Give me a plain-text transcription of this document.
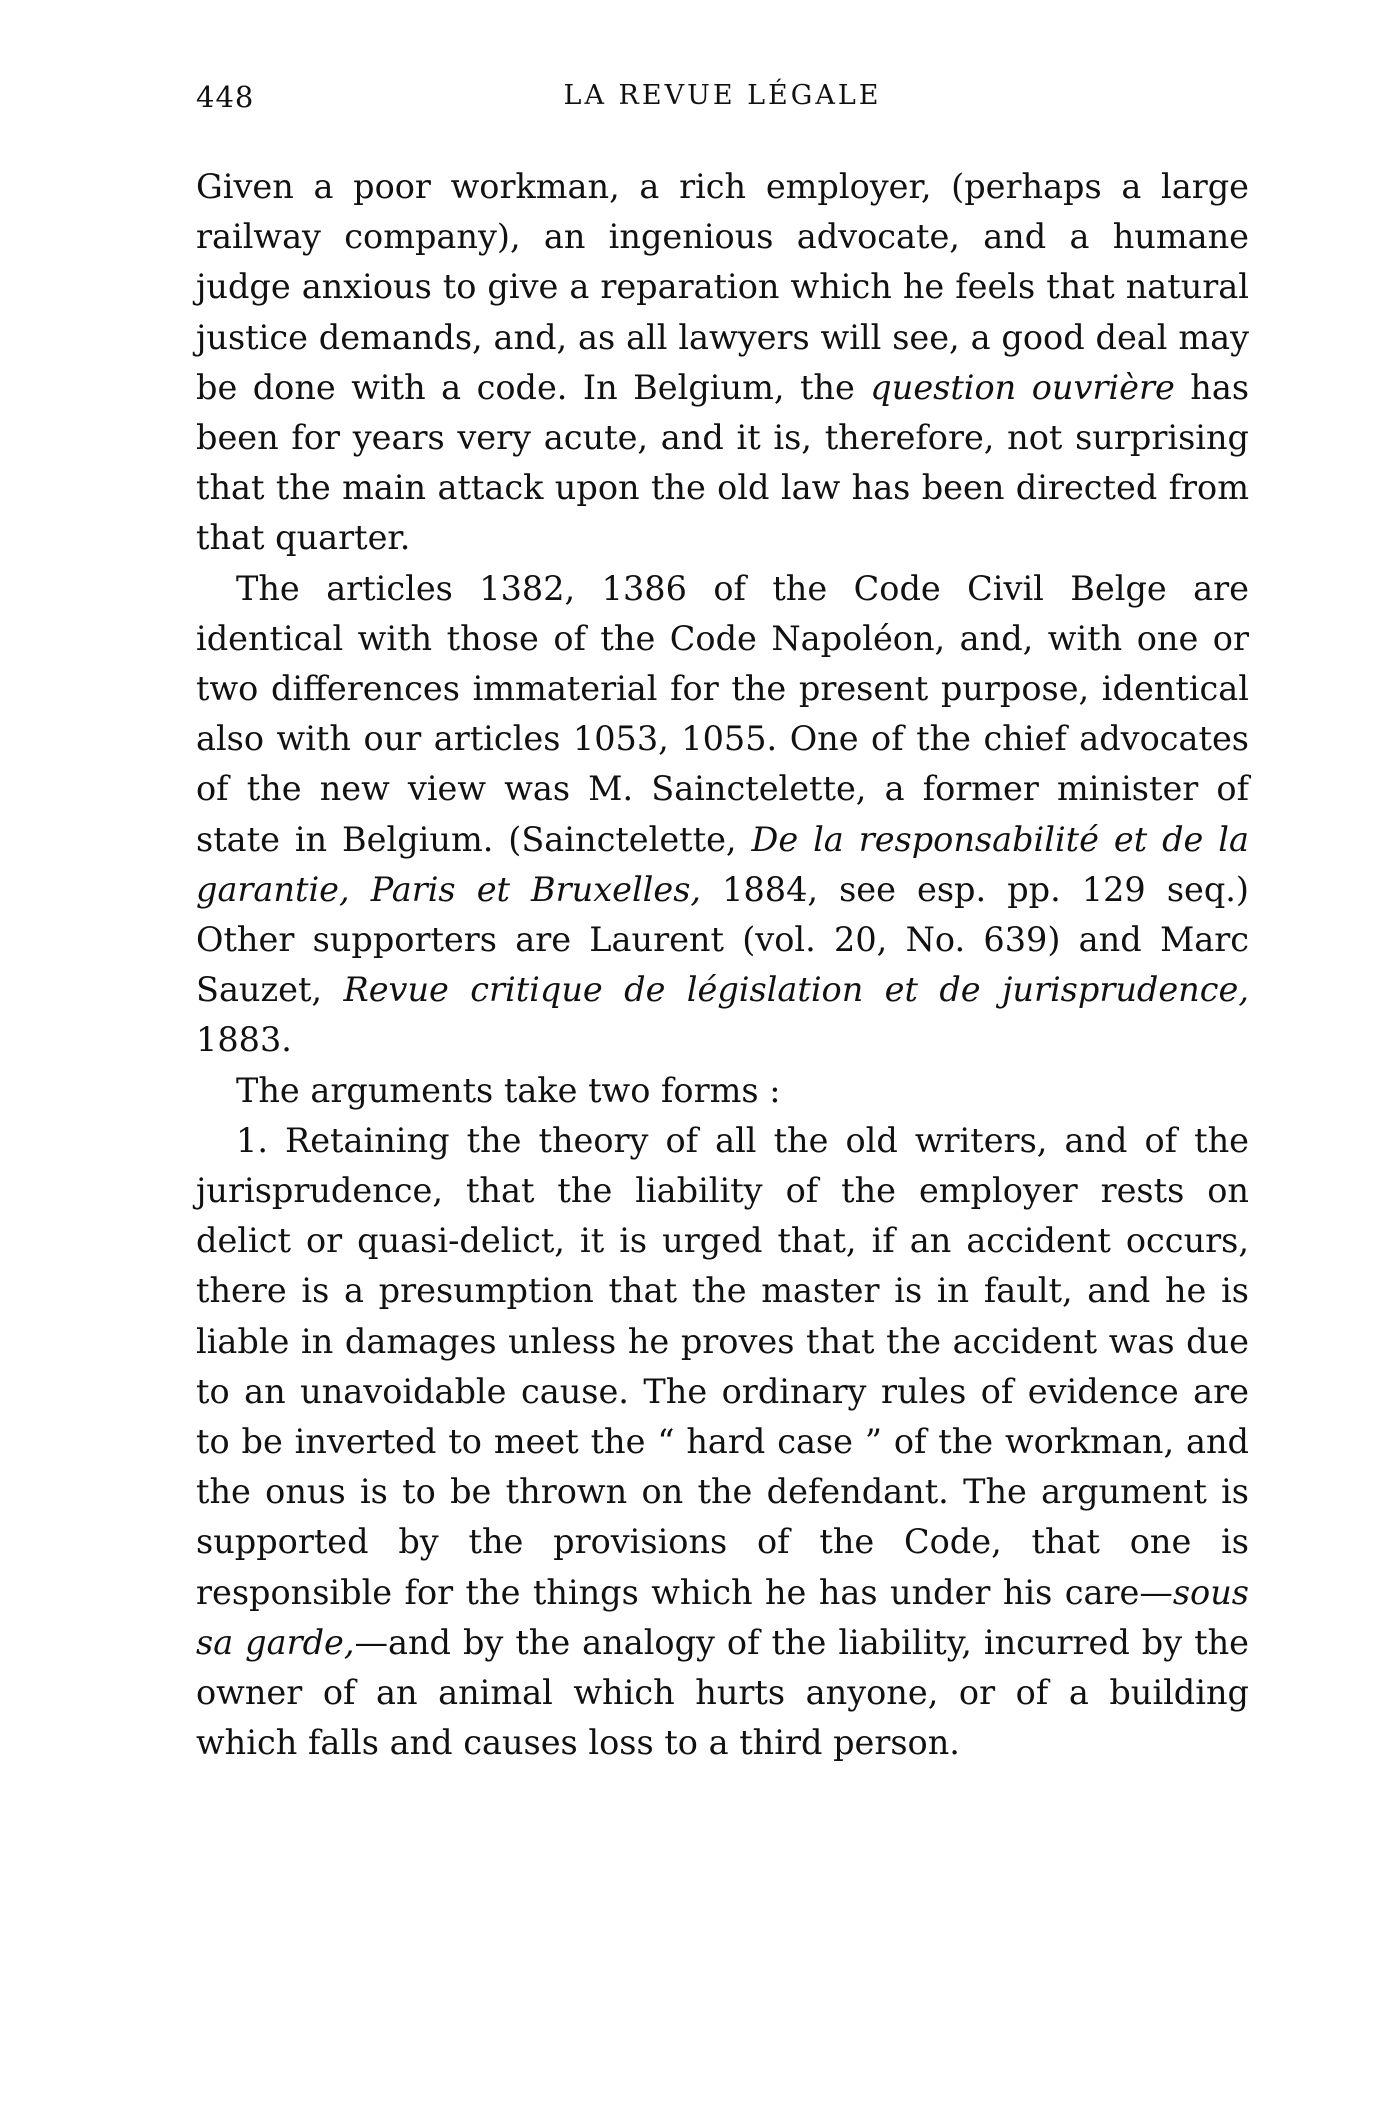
448	LA REVUE LÉGALE

Given a poor workman, a rich employer, (perhaps a large railway company), an ingenious advocate, and a humane judge anxious to give a reparation which he feels that natural justice demands, and, as all lawyers will see, a good deal may be done with a code. In Belgium, the question ouvrière has been for years very acute, and it is, therefore, not surprising that the main attack upon the old law has been directed from that quarter.

The articles 1382, 1386 of the Code Civil Belge are identical with those of the Code Napoléon, and, with one or two differences immaterial for the present purpose, identical also with our articles 1053, 1055. One of the chief advocates of the new view was M. Sainctelette, a former minister of state in Belgium. (Sainctelette, De la responsabilité et de la garantie, Paris et Bruxelles, 1884, see esp. pp. 129 seq.) Other supporters are Laurent (vol. 20, No. 639) and Marc Sauzet, Revue critique de législation et de jurisprudence, 1883.

The arguments take two forms :

1. Retaining the theory of all the old writers, and of the jurisprudence, that the liability of the employer rests on delict or quasi-delict, it is urged that, if an accident occurs, there is a presumption that the master is in fault, and he is liable in damages unless he proves that the accident was due to an unavoidable cause. The ordinary rules of evidence are to be inverted to meet the “ hard case ” of the workman, and the onus is to be thrown on the defendant. The argument is supported by the provisions of the Code, that one is responsible for the things which he has under his care—sous sa garde,—and by the analogy of the liability, incurred by the owner of an animal which hurts anyone, or of a building which falls and causes loss to a third person.
